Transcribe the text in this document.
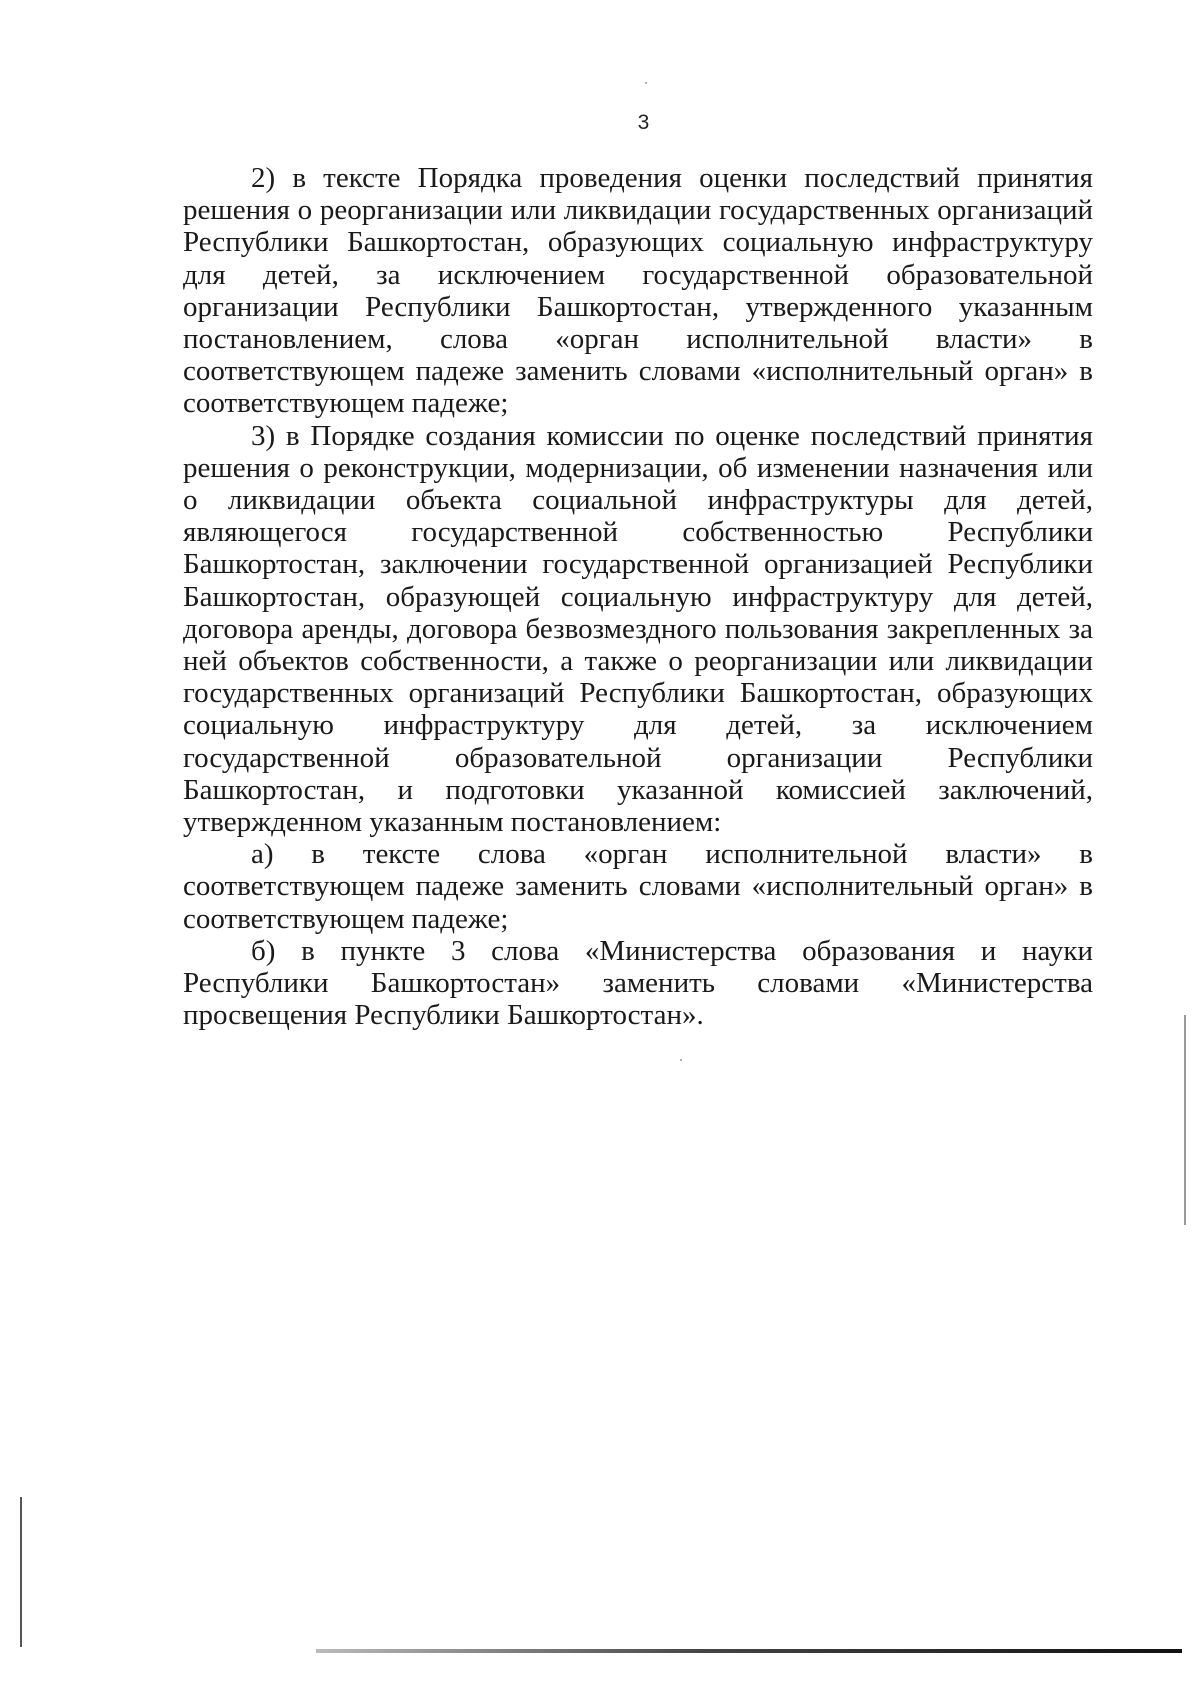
3

2) в тексте Порядка проведения оценки последствий принятия решения о реорганизации или ликвидации государственных организаций Республики Башкортостан, образующих социальную инфраструктуру для детей, за исключением государственной образовательной организации Республики Башкортостан, утвержденного указанным постановлением, слова «орган исполнительной власти» в соответствующем падеже заменить словами «исполнительный орган» в соответствующем падеже;

3) в Порядке создания комиссии по оценке последствий принятия решения о реконструкции, модернизации, об изменении назначения или о ликвидации объекта социальной инфраструктуры для детей, являющегося государственной собственностью Республики Башкортостан, заключении государственной организацией Республики Башкортостан, образующей социальную инфраструктуру для детей, договора аренды, договора безвозмездного пользования закрепленных за ней объектов собственности, а также о реорганизации или ликвидации государственных организаций Республики Башкортостан, образующих социальную инфраструктуру для детей, за исключением государственной образовательной организации Республики Башкортостан, и подготовки указанной комиссией заключений, утвержденном указанным постановлением:

а) в тексте слова «орган исполнительной власти» в соответствующем падеже заменить словами «исполнительный орган» в соответствующем падеже;

б) в пункте 3 слова «Министерства образования и науки Республики Башкортостан» заменить словами «Министерства просвещения Республики Башкортостан».
